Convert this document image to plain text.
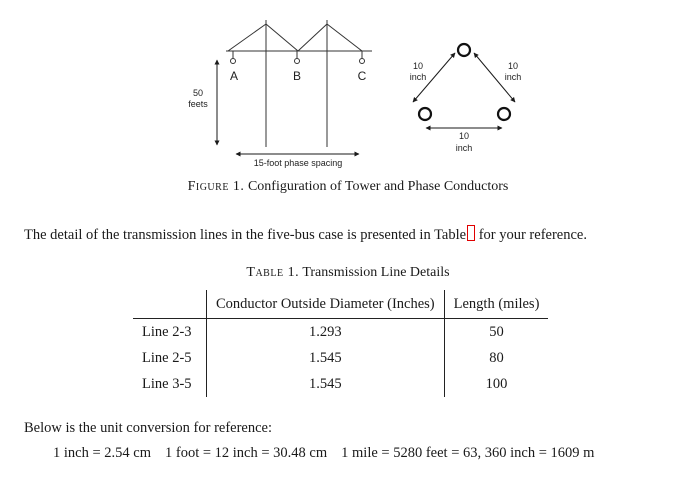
A	B	C
50
feets
15-foot phase spacing
10
inch
10
inch
10
inch
Figure 1. Configuration of Tower and Phase Conductors
The detail of the transmission lines in the five-bus case is presented in Table for your reference.
Table 1. Transmission Line Details
	Conductor Outside Diameter (Inches)	Length (miles)
Line 2-3	1.293	50
Line 2-5	1.545	80
Line 3-5	1.545	100
Below is the unit conversion for reference:
1 inch = 2.54 cm 1 foot = 12 inch = 30.48 cm 1 mile = 5280 feet = 63, 360 inch = 1609 m
